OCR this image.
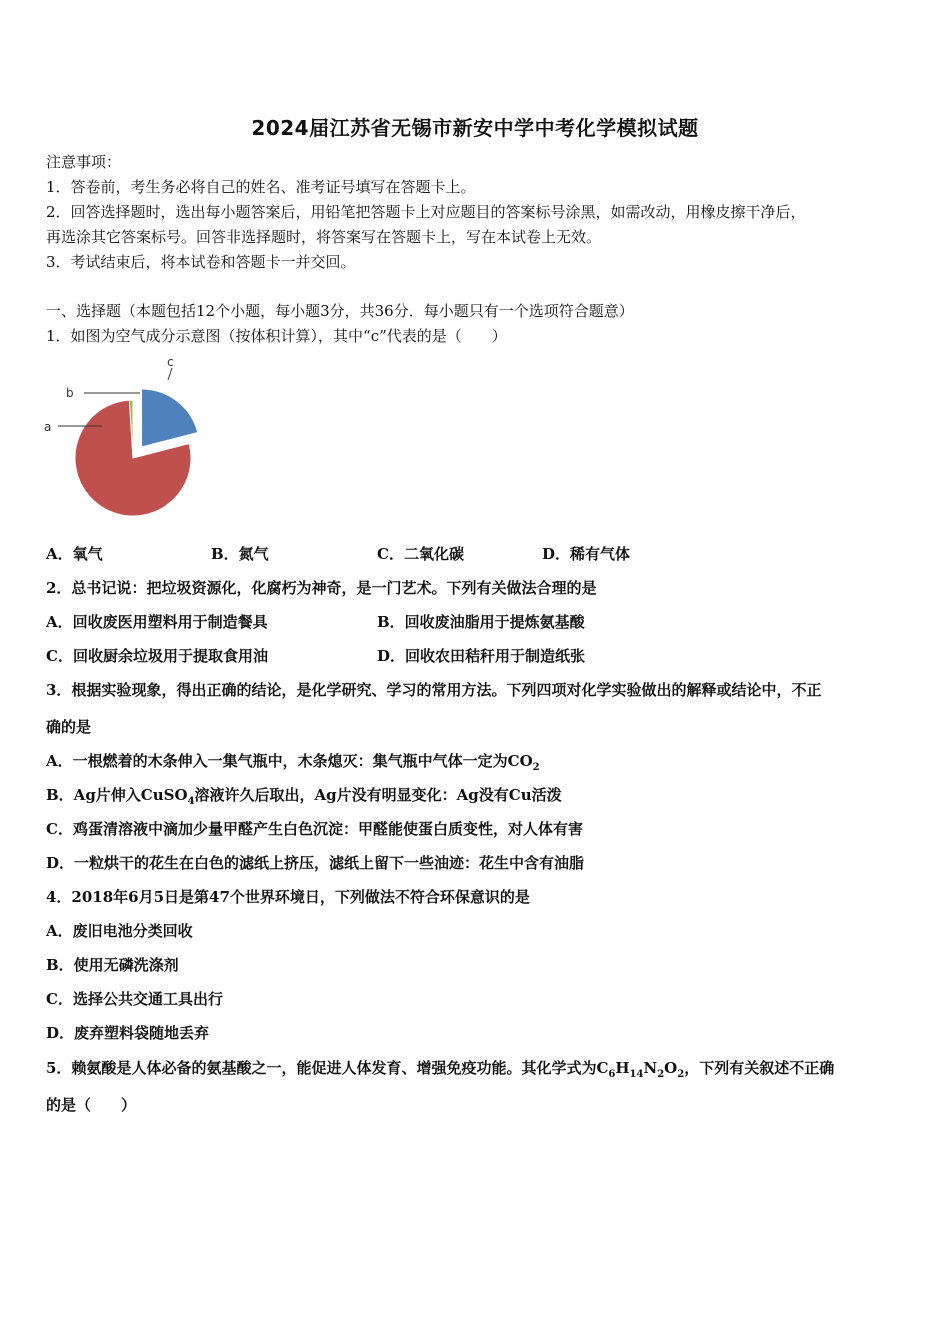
2024届江苏省无锡市新安中学中考化学模拟试题
注意事项：
1．答卷前，考生务必将自己的姓名、准考证号填写在答题卡上。
2．回答选择题时，选出每小题答案后，用铅笔把答题卡上对应题目的答案标号涂黑，如需改动，用橡皮擦干净后，
再选涂其它答案标号。回答非选择题时，将答案写在答题卡上，写在本试卷上无效。
3．考试结束后，将本试卷和答题卡一并交回。
一、选择题（本题包括12个小题，每小题3分，共36分．每小题只有一个选项符合题意）
1．如图为空气成分示意图（按体积计算），其中“c”代表的是（　　）
c
b
a
A．氧气	B．氮气	C．二氧化碳	D．稀有气体
2．总书记说：把垃圾资源化，化腐朽为神奇，是一门艺术。下列有关做法合理的是
A．回收废医用塑料用于制造餐具	B．回收废油脂用于提炼氨基酸
C．回收厨余垃圾用于提取食用油	D．回收农田秸秆用于制造纸张
3．根据实验现象，得出正确的结论，是化学研究、学习的常用方法。下列四项对化学实验做出的解释或结论中，不正
确的是
A．一根燃着的木条伸入一集气瓶中，木条熄灭：集气瓶中气体一定为$CO_2$
B．Ag片伸入CuSO$_4$溶液许久后取出，Ag片没有明显变化：Ag没有Cu活泼
C．鸡蛋清溶液中滴加少量甲醛产生白色沉淀：甲醛能使蛋白质变性，对人体有害
D．一粒烘干的花生在白色的滤纸上挤压，滤纸上留下一些油迹：花生中含有油脂
4．2018年6月5日是第47个世界环境日，下列做法不符合环保意识的是
A．废旧电池分类回收
B．使用无磷洗涤剂
C．选择公共交通工具出行
D．废弃塑料袋随地丢弃
5．赖氨酸是人体必备的氨基酸之一，能促进人体发育、增强免疫功能。其化学式为$C_6H_{14}N_2O_2$，下列有关叙述不正确
的是（　　）
